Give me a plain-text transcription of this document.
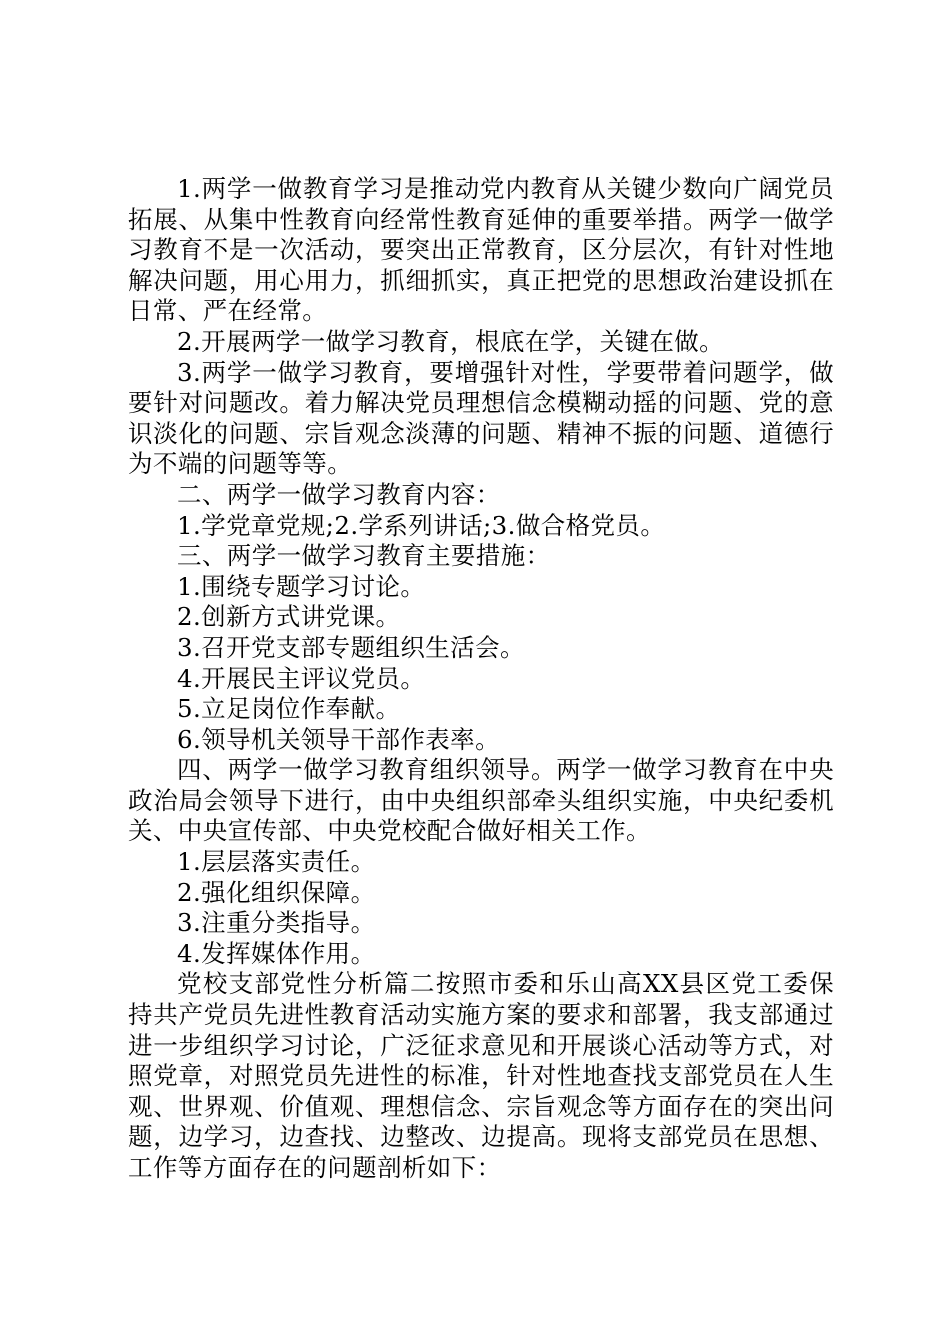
1.两学一做教育学习是推动党内教育从关键少数向广阔党员拓展、从集中性教育向经常性教育延伸的重要举措。两学一做学习教育不是一次活动，要突出正常教育，区分层次，有针对性地解决问题，用心用力，抓细抓实，真正把党的思想政治建设抓在日常、严在经常。

2.开展两学一做学习教育，根底在学，关键在做。

3.两学一做学习教育，要增强针对性，学要带着问题学，做要针对问题改。着力解决党员理想信念模糊动摇的问题、党的意识淡化的问题、宗旨观念淡薄的问题、精神不振的问题、道德行为不端的问题等等。

二、两学一做学习教育内容：

1.学党章党规;2.学系列讲话;3.做合格党员。

三、两学一做学习教育主要措施：

1.围绕专题学习讨论。

2.创新方式讲党课。

3.召开党支部专题组织生活会。

4.开展民主评议党员。

5.立足岗位作奉献。

6.领导机关领导干部作表率。

四、两学一做学习教育组织领导。两学一做学习教育在中央政治局会领导下进行，由中央组织部牵头组织实施，中央纪委机关、中央宣传部、中央党校配合做好相关工作。

1.层层落实责任。

2.强化组织保障。

3.注重分类指导。

4.发挥媒体作用。

党校支部党性分析篇二按照市委和乐山高XX县区党工委保持共产党员先进性教育活动实施方案的要求和部署，我支部通过进一步组织学习讨论，广泛征求意见和开展谈心活动等方式，对照党章，对照党员先进性的标准，针对性地查找支部党员在人生观、世界观、价值观、理想信念、宗旨观念等方面存在的突出问题，边学习，边查找、边整改、边提高。现将支部党员在思想、工作等方面存在的问题剖析如下：
